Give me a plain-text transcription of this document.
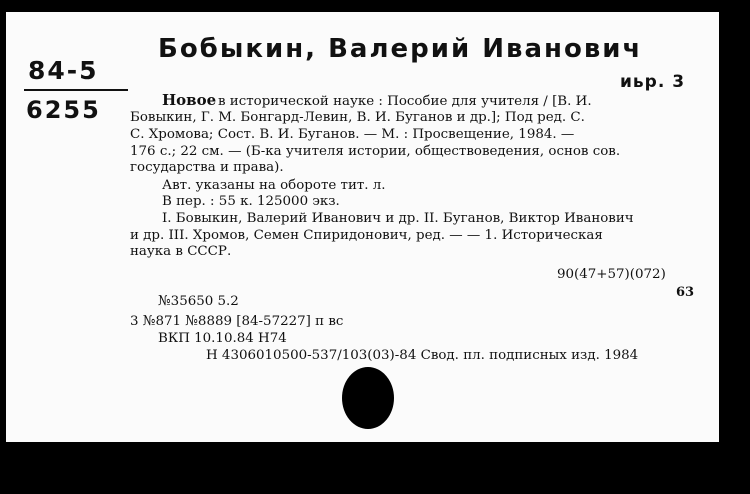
Бобыкин, Валерий Иванович
84-5
6255
иьр. 3
Новое в исторической науке : Пособие для учителя / [В. И.
Бовыкин, Г. М. Бонгард-Левин, В. И. Буганов и др.]; Под ред. С.
С. Хромова; Сост. В. И. Буганов. — М. : Просвещение, 1984. —
176 с.; 22 см. — (Б-ка учителя истории, обществоведения, основ сов.
государства и права).
Авт. указаны на обороте тит. л.
В пер. : 55 к. 125000 экз.
I. Бовыкин, Валерий Иванович и др. II. Буганов, Виктор Иванович
и др. III. Хромов, Семен Спиридонович, ред. — — 1. Историческая
наука в СССР.
90(47+57)(072)
63
№35650 5.2
3 №871 №8889 [84-57227] п вс
ВКП 10.10.84 Н74
Н 4306010500-537/103(03)-84 Свод. пл. подписных изд. 1984
